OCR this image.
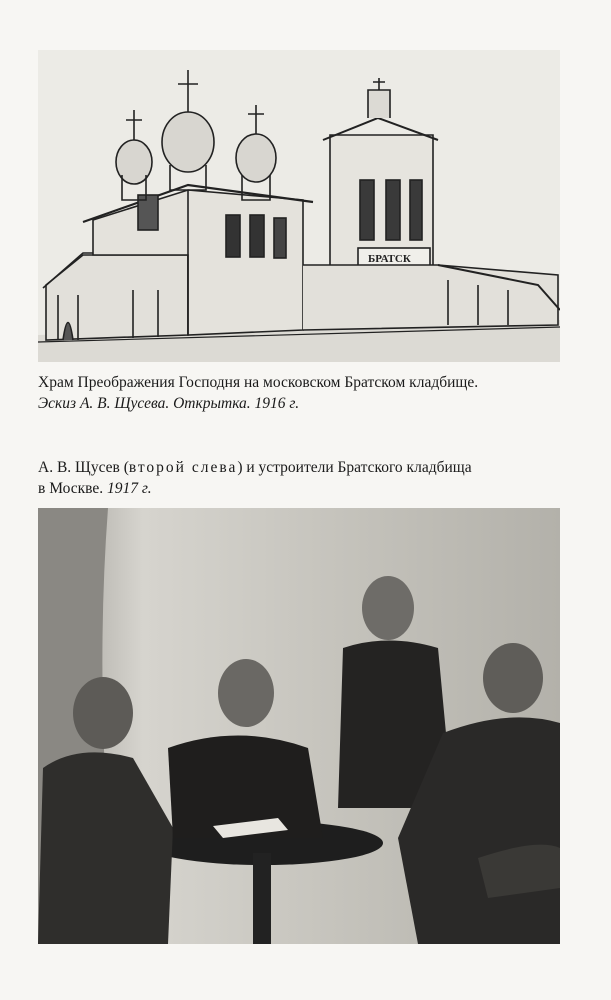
БРАТСК
Храм Преображения Господня на московском Братском кладбище.
Эскиз А. В. Щусева. Открытка. 1916 г.
А. В. Щусев (второй слева) и устроители Братского кладбища
в Москве. 1917 г.
